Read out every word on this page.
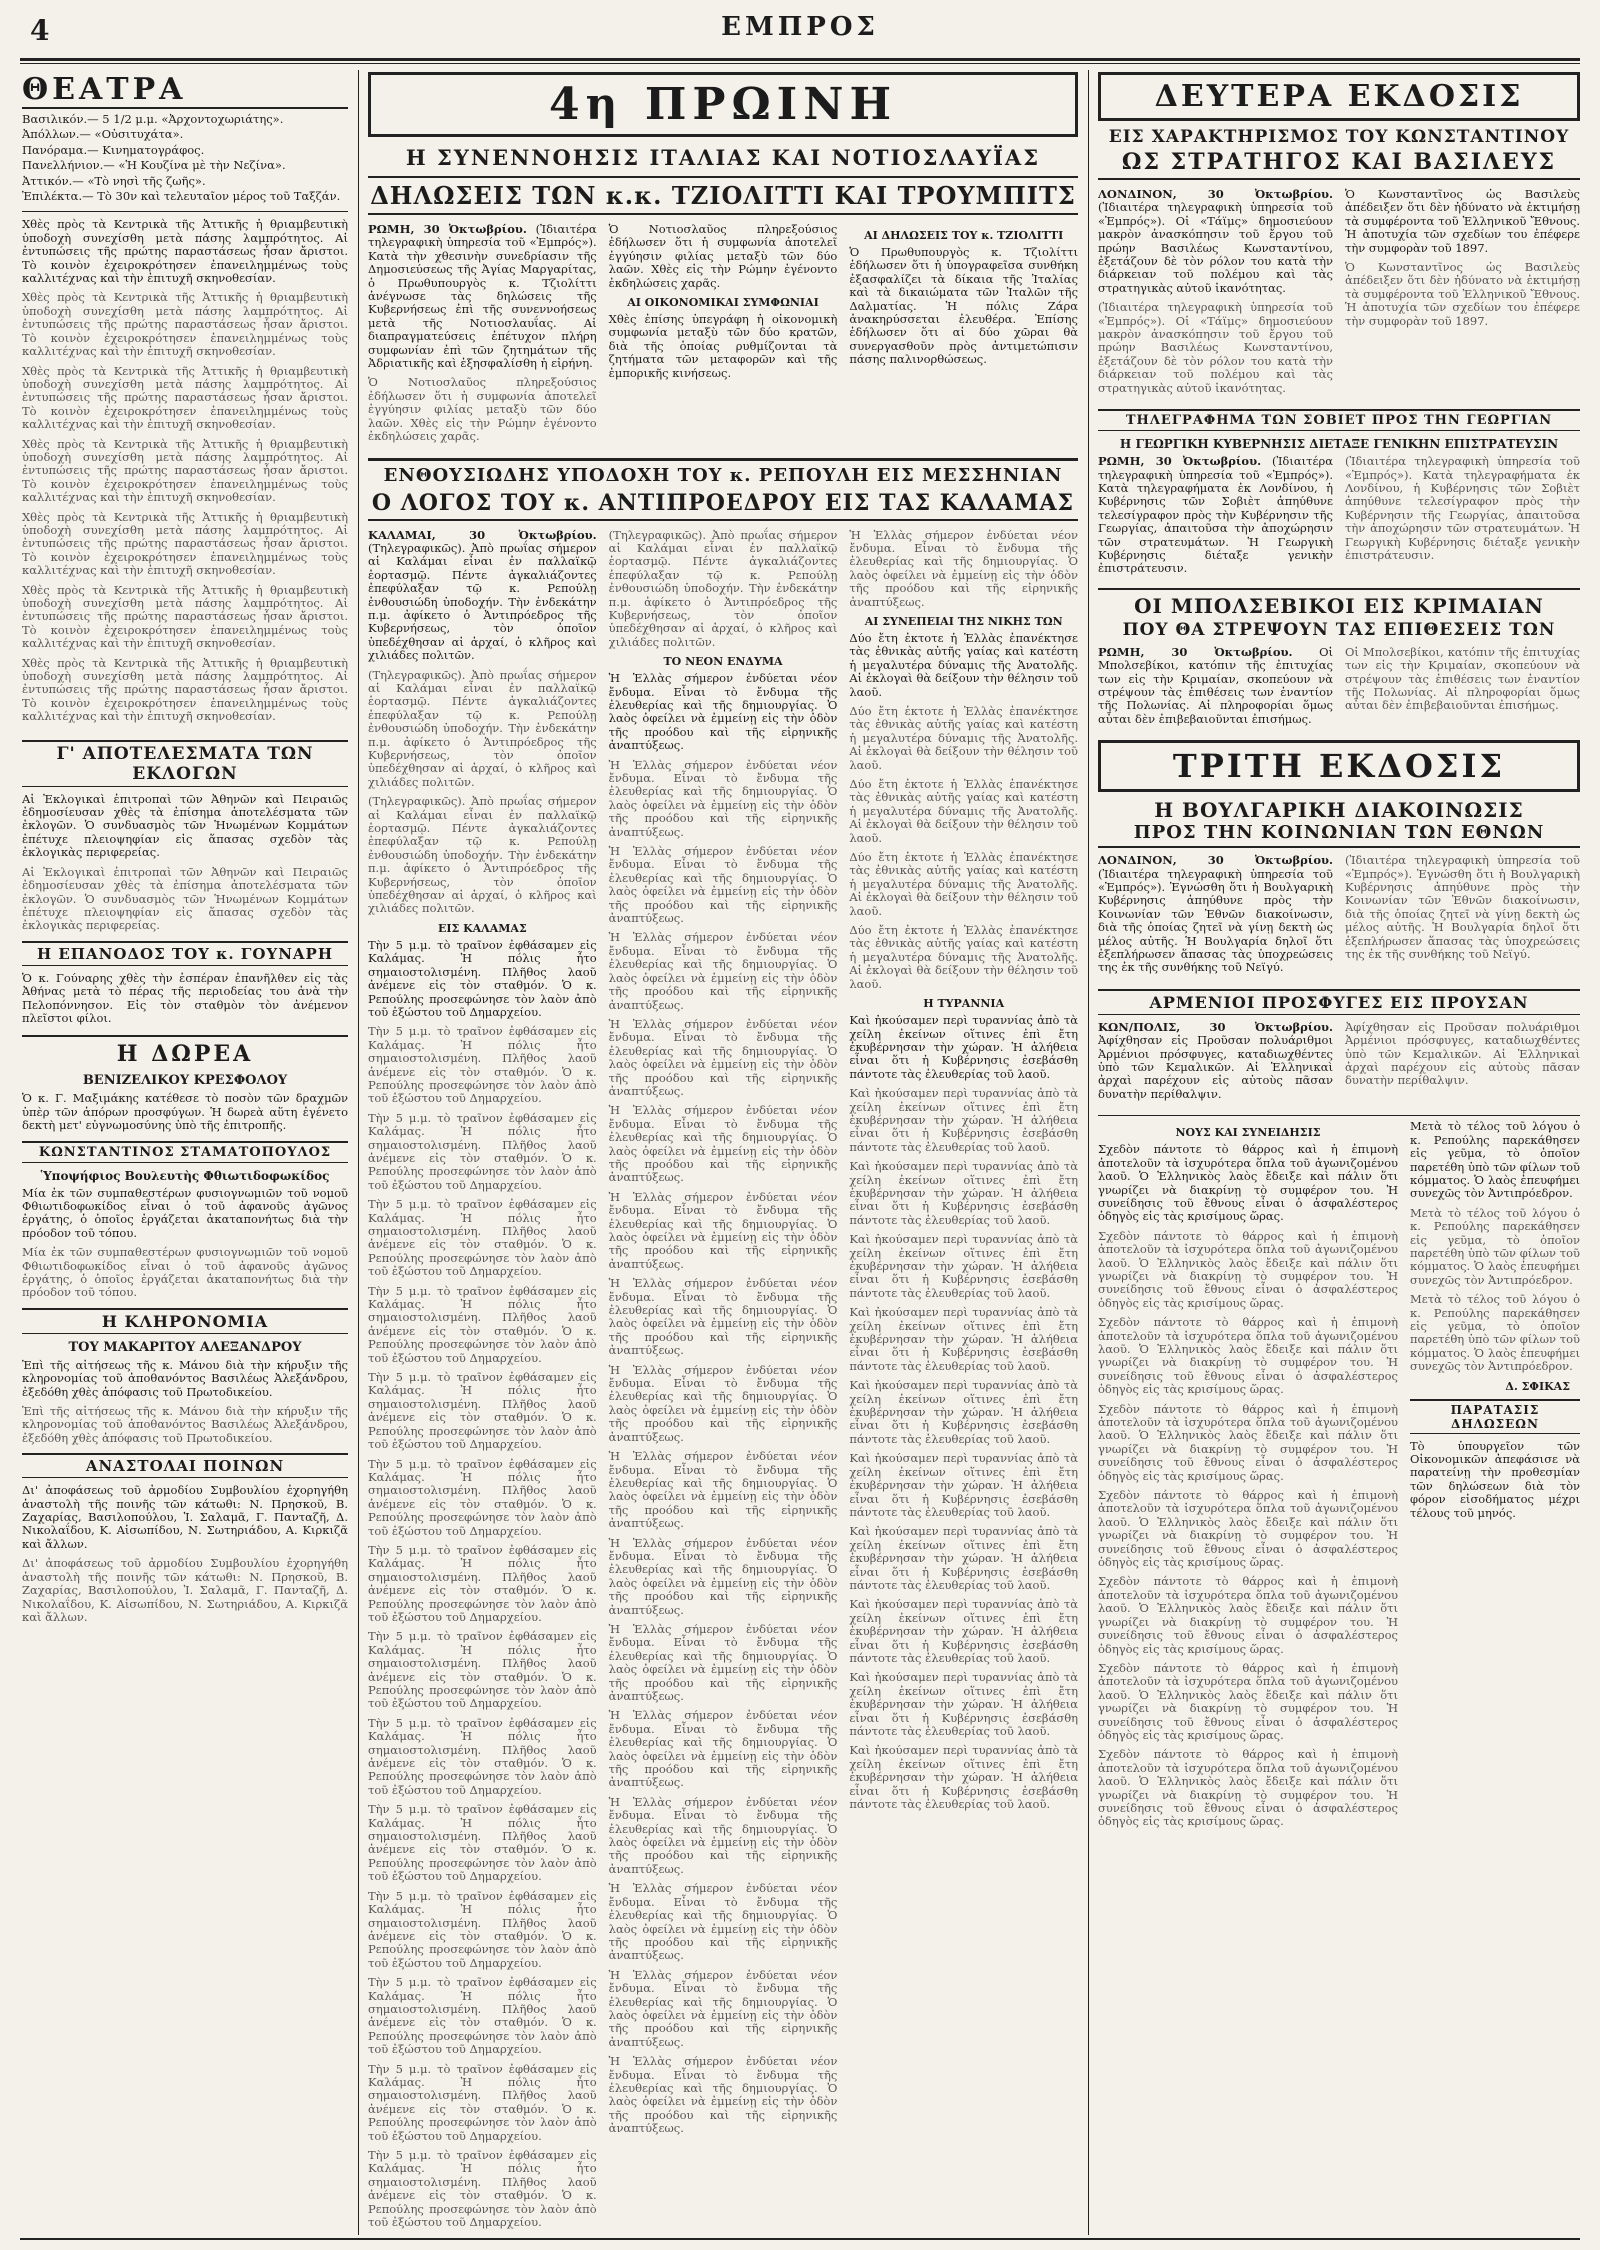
4	ΕΜΠΡΟΣ
ΘΕΑΤΡΑ

Βασιλικόν.— 5 1/2 μ.μ. «Ἀρχοντοχωριάτης».

Ἀπόλλων.— «Οὐσιτυχάτα».

Πανόραμα.— Κινηματογράφος.

Πανελλήνιον.— «Ἡ Κουζίνα μὲ τὴν Νεζίνα».

Ἀττικόν.— «Τὸ νησὶ τῆς ζωῆς».

Ἐπιλέκτα.— Τὸ 30ν καὶ τελευταῖον μέρος τοῦ Ταξζάν.

Χθὲς πρὸς τὰ Κεντρικὰ τῆς Ἀττικῆς ἡ θριαμβευτικὴ ὑποδοχὴ συνεχίσθη μετὰ πάσης λαμπρότητος. Αἱ ἐντυπώσεις τῆς πρώτης παραστάσεως ἦσαν ἄριστοι. Τὸ κοινὸν ἐχειροκρότησεν ἐπανειλημμένως τοὺς καλλιτέχνας καὶ τὴν ἐπιτυχῆ σκηνοθεσίαν.

Χθὲς πρὸς τὰ Κεντρικὰ τῆς Ἀττικῆς ἡ θριαμβευτικὴ ὑποδοχὴ συνεχίσθη μετὰ πάσης λαμπρότητος. Αἱ ἐντυπώσεις τῆς πρώτης παραστάσεως ἦσαν ἄριστοι. Τὸ κοινὸν ἐχειροκρότησεν ἐπανειλημμένως τοὺς καλλιτέχνας καὶ τὴν ἐπιτυχῆ σκηνοθεσίαν.

Χθὲς πρὸς τὰ Κεντρικὰ τῆς Ἀττικῆς ἡ θριαμβευτικὴ ὑποδοχὴ συνεχίσθη μετὰ πάσης λαμπρότητος. Αἱ ἐντυπώσεις τῆς πρώτης παραστάσεως ἦσαν ἄριστοι. Τὸ κοινὸν ἐχειροκρότησεν ἐπανειλημμένως τοὺς καλλιτέχνας καὶ τὴν ἐπιτυχῆ σκηνοθεσίαν.

Χθὲς πρὸς τὰ Κεντρικὰ τῆς Ἀττικῆς ἡ θριαμβευτικὴ ὑποδοχὴ συνεχίσθη μετὰ πάσης λαμπρότητος. Αἱ ἐντυπώσεις τῆς πρώτης παραστάσεως ἦσαν ἄριστοι. Τὸ κοινὸν ἐχειροκρότησεν ἐπανειλημμένως τοὺς καλλιτέχνας καὶ τὴν ἐπιτυχῆ σκηνοθεσίαν.

Χθὲς πρὸς τὰ Κεντρικὰ τῆς Ἀττικῆς ἡ θριαμβευτικὴ ὑποδοχὴ συνεχίσθη μετὰ πάσης λαμπρότητος. Αἱ ἐντυπώσεις τῆς πρώτης παραστάσεως ἦσαν ἄριστοι. Τὸ κοινὸν ἐχειροκρότησεν ἐπανειλημμένως τοὺς καλλιτέχνας καὶ τὴν ἐπιτυχῆ σκηνοθεσίαν.

Χθὲς πρὸς τὰ Κεντρικὰ τῆς Ἀττικῆς ἡ θριαμβευτικὴ ὑποδοχὴ συνεχίσθη μετὰ πάσης λαμπρότητος. Αἱ ἐντυπώσεις τῆς πρώτης παραστάσεως ἦσαν ἄριστοι. Τὸ κοινὸν ἐχειροκρότησεν ἐπανειλημμένως τοὺς καλλιτέχνας καὶ τὴν ἐπιτυχῆ σκηνοθεσίαν.

Χθὲς πρὸς τὰ Κεντρικὰ τῆς Ἀττικῆς ἡ θριαμβευτικὴ ὑποδοχὴ συνεχίσθη μετὰ πάσης λαμπρότητος. Αἱ ἐντυπώσεις τῆς πρώτης παραστάσεως ἦσαν ἄριστοι. Τὸ κοινὸν ἐχειροκρότησεν ἐπανειλημμένως τοὺς καλλιτέχνας καὶ τὴν ἐπιτυχῆ σκηνοθεσίαν.

Γ' ΑΠΟΤΕΛΕΣΜΑΤΑ ΤΩΝ ΕΚΛΟΓΩΝ

Αἱ Ἐκλογικαὶ ἐπιτροπαὶ τῶν Ἀθηνῶν καὶ Πειραιῶς ἐδημοσίευσαν χθὲς τὰ ἐπίσημα ἀποτελέσματα τῶν ἐκλογῶν. Ὁ συνδυασμὸς τῶν Ἡνωμένων Κομμάτων ἐπέτυχε πλειοψηφίαν εἰς ἅπασας σχεδὸν τὰς ἐκλογικὰς περιφερείας.

Αἱ Ἐκλογικαὶ ἐπιτροπαὶ τῶν Ἀθηνῶν καὶ Πειραιῶς ἐδημοσίευσαν χθὲς τὰ ἐπίσημα ἀποτελέσματα τῶν ἐκλογῶν. Ὁ συνδυασμὸς τῶν Ἡνωμένων Κομμάτων ἐπέτυχε πλειοψηφίαν εἰς ἅπασας σχεδὸν τὰς ἐκλογικὰς περιφερείας.

Η ΕΠΑΝΟΔΟΣ ΤΟΥ κ. ΓΟΥΝΑΡΗ

Ὁ κ. Γούναρης χθὲς τὴν ἑσπέραν ἐπανῆλθεν εἰς τὰς Ἀθήνας μετὰ τὸ πέρας τῆς περιοδείας του ἀνὰ τὴν Πελοπόννησον. Εἰς τὸν σταθμὸν τὸν ἀνέμενον πλεῖστοι φίλοι.

Η ΔΩΡΕΑ
ΒΕΝΙΖΕΛΙΚΟΥ ΚΡΕΣΦΟΛΟΥ

Ὁ κ. Γ. Μαξιμάκης κατέθεσε τὸ ποσὸν τῶν δραχμῶν ὑπὲρ τῶν ἀπόρων προσφύγων. Ἡ δωρεὰ αὕτη ἐγένετο δεκτὴ μετ' εὐγνωμοσύνης ὑπὸ τῆς ἐπιτροπῆς.

ΚΩΝΣΤΑΝΤΙΝΟΣ ΣΤΑΜΑΤΟΠΟΥΛΟΣ
Ὑποψήφιος Βουλευτὴς Φθιωτιδοφωκίδος

Μία ἐκ τῶν συμπαθεστέρων φυσιογνωμιῶν τοῦ νομοῦ Φθιωτιδοφωκίδος εἶναι ὁ τοῦ ἀφανοῦς ἀγῶνος ἐργάτης, ὁ ὁποῖος ἐργάζεται ἀκαταπονήτως διὰ τὴν πρόοδον τοῦ τόπου.

Μία ἐκ τῶν συμπαθεστέρων φυσιογνωμιῶν τοῦ νομοῦ Φθιωτιδοφωκίδος εἶναι ὁ τοῦ ἀφανοῦς ἀγῶνος ἐργάτης, ὁ ὁποῖος ἐργάζεται ἀκαταπονήτως διὰ τὴν πρόοδον τοῦ τόπου.

Η ΚΛΗΡΟΝΟΜΙΑ
ΤΟΥ ΜΑΚΑΡΙΤΟΥ ΑΛΕΞΑΝΔΡΟΥ

Ἐπὶ τῆς αἰτήσεως τῆς κ. Μάνου διὰ τὴν κήρυξιν τῆς κληρονομίας τοῦ ἀποθανόντος Βασιλέως Ἀλεξάνδρου, ἐξεδόθη χθὲς ἀπόφασις τοῦ Πρωτοδικείου.

Ἐπὶ τῆς αἰτήσεως τῆς κ. Μάνου διὰ τὴν κήρυξιν τῆς κληρονομίας τοῦ ἀποθανόντος Βασιλέως Ἀλεξάνδρου, ἐξεδόθη χθὲς ἀπόφασις τοῦ Πρωτοδικείου.

ΑΝΑΣΤΟΛΑΙ ΠΟΙΝΩΝ

Δι' ἀποφάσεως τοῦ ἀρμοδίου Συμβουλίου ἐχορηγήθη ἀναστολὴ τῆς ποινῆς τῶν κάτωθι: Ν. Πρησκοῦ, Β. Ζαχαρίας, Βασιλοπούλου, Ἰ. Σαλαμᾶ, Γ. Πανταζῆ, Δ. Νικολαΐδου, Κ. Αἰσωπίδου, Ν. Σωτηριάδου, Α. Κιρκιζᾶ καὶ ἄλλων.

Δι' ἀποφάσεως τοῦ ἀρμοδίου Συμβουλίου ἐχορηγήθη ἀναστολὴ τῆς ποινῆς τῶν κάτωθι: Ν. Πρησκοῦ, Β. Ζαχαρίας, Βασιλοπούλου, Ἰ. Σαλαμᾶ, Γ. Πανταζῆ, Δ. Νικολαΐδου, Κ. Αἰσωπίδου, Ν. Σωτηριάδου, Α. Κιρκιζᾶ καὶ ἄλλων.

4η ΠΡΩΙΝΗ
Η ΣΥΝΕΝΝΟΗΣΙΣ ΙΤΑΛΙΑΣ ΚΑΙ ΝΟΤΙΟΣΛΑΥΪΑΣ
ΔΗΛΩΣΕΙΣ ΤΩΝ κ.κ. ΤΖΙΟΛΙΤΤΙ ΚΑΙ ΤΡΟΥΜΠΙΤΣ

ΡΩΜΗ, 30 Ὀκτωβρίου. (Ἰδιαιτέρα τηλεγραφικὴ ὑπηρεσία τοῦ «Ἐμπρός»). Κατὰ τὴν χθεσινὴν συνεδρίασιν τῆς Δημοσιεύσεως τῆς Ἀγίας Μαργαρίτας, ὁ Πρωθυπουργὸς κ. Τζιολίττι ἀνέγνωσε τὰς δηλώσεις τῆς Κυβερνήσεως ἐπὶ τῆς συνεννοήσεως μετὰ τῆς Νοτιοσλαυΐας. Αἱ διαπραγματεύσεις ἐπέτυχον πλήρη συμφωνίαν ἐπὶ τῶν ζητημάτων τῆς Ἀδριατικῆς καὶ ἐξησφαλίσθη ἡ εἰρήνη.

Ὁ Νοτιοσλαῦος πληρεξούσιος ἐδήλωσεν ὅτι ἡ συμφωνία ἀποτελεῖ ἐγγύησιν φιλίας μεταξὺ τῶν δύο λαῶν. Χθὲς εἰς τὴν Ρώμην ἐγένοντο ἐκδηλώσεις χαρᾶς.

Ὁ Νοτιοσλαῦος πληρεξούσιος ἐδήλωσεν ὅτι ἡ συμφωνία ἀποτελεῖ ἐγγύησιν φιλίας μεταξὺ τῶν δύο λαῶν. Χθὲς εἰς τὴν Ρώμην ἐγένοντο ἐκδηλώσεις χαρᾶς.

ΑΙ ΟΙΚΟΝΟΜΙΚΑΙ ΣΥΜΦΩΝΙΑΙ

Χθὲς ἐπίσης ὑπεγράφη ἡ οἰκονομικὴ συμφωνία μεταξὺ τῶν δύο κρατῶν, διὰ τῆς ὁποίας ρυθμίζονται τὰ ζητήματα τῶν μεταφορῶν καὶ τῆς ἐμπορικῆς κινήσεως.

ΑΙ ΔΗΛΩΣΕΙΣ ΤΟΥ κ. ΤΖΙΟΛΙΤΤΙ

Ὁ Πρωθυπουργὸς κ. Τζιολίττι ἐδήλωσεν ὅτι ἡ ὑπογραφεῖσα συνθήκη ἐξασφαλίζει τὰ δίκαια τῆς Ἰταλίας καὶ τὰ δικαιώματα τῶν Ἰταλῶν τῆς Δαλματίας. Ἡ πόλις Ζάρα ἀνακηρύσσεται ἐλευθέρα. Ἐπίσης ἐδήλωσεν ὅτι αἱ δύο χῶραι θὰ συνεργασθοῦν πρὸς ἀντιμετώπισιν πάσης παλινορθώσεως.

ΕΝΘΟΥΣΙΩΔΗΣ ΥΠΟΔΟΧΗ ΤΟΥ κ. ΡΕΠΟΥΛΗ ΕΙΣ ΜΕΣΣΗΝΙΑΝ
Ο ΛΟΓΟΣ ΤΟΥ κ. ΑΝΤΙΠΡΟΕΔΡΟΥ ΕΙΣ ΤΑΣ ΚΑΛΑΜΑΣ

ΚΑΛΑΜΑΙ, 30 Ὀκτωβρίου. (Τηλεγραφικῶς). Ἀπὸ πρωΐας σήμερον αἱ Καλάμαι εἶναι ἐν παλλαϊκῷ ἑορτασμῷ. Πέντε ἀγκαλιάζοντες ἐπεφύλαξαν τῷ κ. Ρεπούλῃ ἐνθουσιώδη ὑποδοχήν. Τὴν ἑνδεκάτην π.μ. ἀφίκετο ὁ Ἀντιπρόεδρος τῆς Κυβερνήσεως, τὸν ὁποῖον ὑπεδέχθησαν αἱ ἀρχαί, ὁ κλῆρος καὶ χιλιάδες πολιτῶν.

(Τηλεγραφικῶς). Ἀπὸ πρωΐας σήμερον αἱ Καλάμαι εἶναι ἐν παλλαϊκῷ ἑορτασμῷ. Πέντε ἀγκαλιάζοντες ἐπεφύλαξαν τῷ κ. Ρεπούλῃ ἐνθουσιώδη ὑποδοχήν. Τὴν ἑνδεκάτην π.μ. ἀφίκετο ὁ Ἀντιπρόεδρος τῆς Κυβερνήσεως, τὸν ὁποῖον ὑπεδέχθησαν αἱ ἀρχαί, ὁ κλῆρος καὶ χιλιάδες πολιτῶν.

(Τηλεγραφικῶς). Ἀπὸ πρωΐας σήμερον αἱ Καλάμαι εἶναι ἐν παλλαϊκῷ ἑορτασμῷ. Πέντε ἀγκαλιάζοντες ἐπεφύλαξαν τῷ κ. Ρεπούλῃ ἐνθουσιώδη ὑποδοχήν. Τὴν ἑνδεκάτην π.μ. ἀφίκετο ὁ Ἀντιπρόεδρος τῆς Κυβερνήσεως, τὸν ὁποῖον ὑπεδέχθησαν αἱ ἀρχαί, ὁ κλῆρος καὶ χιλιάδες πολιτῶν.

ΕΙΣ ΚΑΛΑΜΑΣ

Τὴν 5 μ.μ. τὸ τραῖνον ἐφθάσαμεν εἰς Καλάμας. Ἡ πόλις ἦτο σημαιοστολισμένη. Πλῆθος λαοῦ ἀνέμενε εἰς τὸν σταθμόν. Ὁ κ. Ρεπούλης προσεφώνησε τὸν λαὸν ἀπὸ τοῦ ἐξώστου τοῦ Δημαρχείου.

Τὴν 5 μ.μ. τὸ τραῖνον ἐφθάσαμεν εἰς Καλάμας. Ἡ πόλις ἦτο σημαιοστολισμένη. Πλῆθος λαοῦ ἀνέμενε εἰς τὸν σταθμόν. Ὁ κ. Ρεπούλης προσεφώνησε τὸν λαὸν ἀπὸ τοῦ ἐξώστου τοῦ Δημαρχείου.

Τὴν 5 μ.μ. τὸ τραῖνον ἐφθάσαμεν εἰς Καλάμας. Ἡ πόλις ἦτο σημαιοστολισμένη. Πλῆθος λαοῦ ἀνέμενε εἰς τὸν σταθμόν. Ὁ κ. Ρεπούλης προσεφώνησε τὸν λαὸν ἀπὸ τοῦ ἐξώστου τοῦ Δημαρχείου.

Τὴν 5 μ.μ. τὸ τραῖνον ἐφθάσαμεν εἰς Καλάμας. Ἡ πόλις ἦτο σημαιοστολισμένη. Πλῆθος λαοῦ ἀνέμενε εἰς τὸν σταθμόν. Ὁ κ. Ρεπούλης προσεφώνησε τὸν λαὸν ἀπὸ τοῦ ἐξώστου τοῦ Δημαρχείου.

Τὴν 5 μ.μ. τὸ τραῖνον ἐφθάσαμεν εἰς Καλάμας. Ἡ πόλις ἦτο σημαιοστολισμένη. Πλῆθος λαοῦ ἀνέμενε εἰς τὸν σταθμόν. Ὁ κ. Ρεπούλης προσεφώνησε τὸν λαὸν ἀπὸ τοῦ ἐξώστου τοῦ Δημαρχείου.

Τὴν 5 μ.μ. τὸ τραῖνον ἐφθάσαμεν εἰς Καλάμας. Ἡ πόλις ἦτο σημαιοστολισμένη. Πλῆθος λαοῦ ἀνέμενε εἰς τὸν σταθμόν. Ὁ κ. Ρεπούλης προσεφώνησε τὸν λαὸν ἀπὸ τοῦ ἐξώστου τοῦ Δημαρχείου.

Τὴν 5 μ.μ. τὸ τραῖνον ἐφθάσαμεν εἰς Καλάμας. Ἡ πόλις ἦτο σημαιοστολισμένη. Πλῆθος λαοῦ ἀνέμενε εἰς τὸν σταθμόν. Ὁ κ. Ρεπούλης προσεφώνησε τὸν λαὸν ἀπὸ τοῦ ἐξώστου τοῦ Δημαρχείου.

Τὴν 5 μ.μ. τὸ τραῖνον ἐφθάσαμεν εἰς Καλάμας. Ἡ πόλις ἦτο σημαιοστολισμένη. Πλῆθος λαοῦ ἀνέμενε εἰς τὸν σταθμόν. Ὁ κ. Ρεπούλης προσεφώνησε τὸν λαὸν ἀπὸ τοῦ ἐξώστου τοῦ Δημαρχείου.

Τὴν 5 μ.μ. τὸ τραῖνον ἐφθάσαμεν εἰς Καλάμας. Ἡ πόλις ἦτο σημαιοστολισμένη. Πλῆθος λαοῦ ἀνέμενε εἰς τὸν σταθμόν. Ὁ κ. Ρεπούλης προσεφώνησε τὸν λαὸν ἀπὸ τοῦ ἐξώστου τοῦ Δημαρχείου.

Τὴν 5 μ.μ. τὸ τραῖνον ἐφθάσαμεν εἰς Καλάμας. Ἡ πόλις ἦτο σημαιοστολισμένη. Πλῆθος λαοῦ ἀνέμενε εἰς τὸν σταθμόν. Ὁ κ. Ρεπούλης προσεφώνησε τὸν λαὸν ἀπὸ τοῦ ἐξώστου τοῦ Δημαρχείου.

Τὴν 5 μ.μ. τὸ τραῖνον ἐφθάσαμεν εἰς Καλάμας. Ἡ πόλις ἦτο σημαιοστολισμένη. Πλῆθος λαοῦ ἀνέμενε εἰς τὸν σταθμόν. Ὁ κ. Ρεπούλης προσεφώνησε τὸν λαὸν ἀπὸ τοῦ ἐξώστου τοῦ Δημαρχείου.

Τὴν 5 μ.μ. τὸ τραῖνον ἐφθάσαμεν εἰς Καλάμας. Ἡ πόλις ἦτο σημαιοστολισμένη. Πλῆθος λαοῦ ἀνέμενε εἰς τὸν σταθμόν. Ὁ κ. Ρεπούλης προσεφώνησε τὸν λαὸν ἀπὸ τοῦ ἐξώστου τοῦ Δημαρχείου.

Τὴν 5 μ.μ. τὸ τραῖνον ἐφθάσαμεν εἰς Καλάμας. Ἡ πόλις ἦτο σημαιοστολισμένη. Πλῆθος λαοῦ ἀνέμενε εἰς τὸν σταθμόν. Ὁ κ. Ρεπούλης προσεφώνησε τὸν λαὸν ἀπὸ τοῦ ἐξώστου τοῦ Δημαρχείου.

Τὴν 5 μ.μ. τὸ τραῖνον ἐφθάσαμεν εἰς Καλάμας. Ἡ πόλις ἦτο σημαιοστολισμένη. Πλῆθος λαοῦ ἀνέμενε εἰς τὸν σταθμόν. Ὁ κ. Ρεπούλης προσεφώνησε τὸν λαὸν ἀπὸ τοῦ ἐξώστου τοῦ Δημαρχείου.

Τὴν 5 μ.μ. τὸ τραῖνον ἐφθάσαμεν εἰς Καλάμας. Ἡ πόλις ἦτο σημαιοστολισμένη. Πλῆθος λαοῦ ἀνέμενε εἰς τὸν σταθμόν. Ὁ κ. Ρεπούλης προσεφώνησε τὸν λαὸν ἀπὸ τοῦ ἐξώστου τοῦ Δημαρχείου.

(Τηλεγραφικῶς). Ἀπὸ πρωΐας σήμερον αἱ Καλάμαι εἶναι ἐν παλλαϊκῷ ἑορτασμῷ. Πέντε ἀγκαλιάζοντες ἐπεφύλαξαν τῷ κ. Ρεπούλῃ ἐνθουσιώδη ὑποδοχήν. Τὴν ἑνδεκάτην π.μ. ἀφίκετο ὁ Ἀντιπρόεδρος τῆς Κυβερνήσεως, τὸν ὁποῖον ὑπεδέχθησαν αἱ ἀρχαί, ὁ κλῆρος καὶ χιλιάδες πολιτῶν.

ΤΟ ΝΕΟΝ ΕΝΔΥΜΑ

Ἡ Ἑλλὰς σήμερον ἐνδύεται νέον ἔνδυμα. Εἶναι τὸ ἔνδυμα τῆς ἐλευθερίας καὶ τῆς δημιουργίας. Ὁ λαὸς ὀφείλει νὰ ἐμμείνῃ εἰς τὴν ὁδὸν τῆς προόδου καὶ τῆς εἰρηνικῆς ἀναπτύξεως.

Ἡ Ἑλλὰς σήμερον ἐνδύεται νέον ἔνδυμα. Εἶναι τὸ ἔνδυμα τῆς ἐλευθερίας καὶ τῆς δημιουργίας. Ὁ λαὸς ὀφείλει νὰ ἐμμείνῃ εἰς τὴν ὁδὸν τῆς προόδου καὶ τῆς εἰρηνικῆς ἀναπτύξεως.

Ἡ Ἑλλὰς σήμερον ἐνδύεται νέον ἔνδυμα. Εἶναι τὸ ἔνδυμα τῆς ἐλευθερίας καὶ τῆς δημιουργίας. Ὁ λαὸς ὀφείλει νὰ ἐμμείνῃ εἰς τὴν ὁδὸν τῆς προόδου καὶ τῆς εἰρηνικῆς ἀναπτύξεως.

Ἡ Ἑλλὰς σήμερον ἐνδύεται νέον ἔνδυμα. Εἶναι τὸ ἔνδυμα τῆς ἐλευθερίας καὶ τῆς δημιουργίας. Ὁ λαὸς ὀφείλει νὰ ἐμμείνῃ εἰς τὴν ὁδὸν τῆς προόδου καὶ τῆς εἰρηνικῆς ἀναπτύξεως.

Ἡ Ἑλλὰς σήμερον ἐνδύεται νέον ἔνδυμα. Εἶναι τὸ ἔνδυμα τῆς ἐλευθερίας καὶ τῆς δημιουργίας. Ὁ λαὸς ὀφείλει νὰ ἐμμείνῃ εἰς τὴν ὁδὸν τῆς προόδου καὶ τῆς εἰρηνικῆς ἀναπτύξεως.

Ἡ Ἑλλὰς σήμερον ἐνδύεται νέον ἔνδυμα. Εἶναι τὸ ἔνδυμα τῆς ἐλευθερίας καὶ τῆς δημιουργίας. Ὁ λαὸς ὀφείλει νὰ ἐμμείνῃ εἰς τὴν ὁδὸν τῆς προόδου καὶ τῆς εἰρηνικῆς ἀναπτύξεως.

Ἡ Ἑλλὰς σήμερον ἐνδύεται νέον ἔνδυμα. Εἶναι τὸ ἔνδυμα τῆς ἐλευθερίας καὶ τῆς δημιουργίας. Ὁ λαὸς ὀφείλει νὰ ἐμμείνῃ εἰς τὴν ὁδὸν τῆς προόδου καὶ τῆς εἰρηνικῆς ἀναπτύξεως.

Ἡ Ἑλλὰς σήμερον ἐνδύεται νέον ἔνδυμα. Εἶναι τὸ ἔνδυμα τῆς ἐλευθερίας καὶ τῆς δημιουργίας. Ὁ λαὸς ὀφείλει νὰ ἐμμείνῃ εἰς τὴν ὁδὸν τῆς προόδου καὶ τῆς εἰρηνικῆς ἀναπτύξεως.

Ἡ Ἑλλὰς σήμερον ἐνδύεται νέον ἔνδυμα. Εἶναι τὸ ἔνδυμα τῆς ἐλευθερίας καὶ τῆς δημιουργίας. Ὁ λαὸς ὀφείλει νὰ ἐμμείνῃ εἰς τὴν ὁδὸν τῆς προόδου καὶ τῆς εἰρηνικῆς ἀναπτύξεως.

Ἡ Ἑλλὰς σήμερον ἐνδύεται νέον ἔνδυμα. Εἶναι τὸ ἔνδυμα τῆς ἐλευθερίας καὶ τῆς δημιουργίας. Ὁ λαὸς ὀφείλει νὰ ἐμμείνῃ εἰς τὴν ὁδὸν τῆς προόδου καὶ τῆς εἰρηνικῆς ἀναπτύξεως.

Ἡ Ἑλλὰς σήμερον ἐνδύεται νέον ἔνδυμα. Εἶναι τὸ ἔνδυμα τῆς ἐλευθερίας καὶ τῆς δημιουργίας. Ὁ λαὸς ὀφείλει νὰ ἐμμείνῃ εἰς τὴν ὁδὸν τῆς προόδου καὶ τῆς εἰρηνικῆς ἀναπτύξεως.

Ἡ Ἑλλὰς σήμερον ἐνδύεται νέον ἔνδυμα. Εἶναι τὸ ἔνδυμα τῆς ἐλευθερίας καὶ τῆς δημιουργίας. Ὁ λαὸς ὀφείλει νὰ ἐμμείνῃ εἰς τὴν ὁδὸν τῆς προόδου καὶ τῆς εἰρηνικῆς ἀναπτύξεως.

Ἡ Ἑλλὰς σήμερον ἐνδύεται νέον ἔνδυμα. Εἶναι τὸ ἔνδυμα τῆς ἐλευθερίας καὶ τῆς δημιουργίας. Ὁ λαὸς ὀφείλει νὰ ἐμμείνῃ εἰς τὴν ὁδὸν τῆς προόδου καὶ τῆς εἰρηνικῆς ἀναπτύξεως.

Ἡ Ἑλλὰς σήμερον ἐνδύεται νέον ἔνδυμα. Εἶναι τὸ ἔνδυμα τῆς ἐλευθερίας καὶ τῆς δημιουργίας. Ὁ λαὸς ὀφείλει νὰ ἐμμείνῃ εἰς τὴν ὁδὸν τῆς προόδου καὶ τῆς εἰρηνικῆς ἀναπτύξεως.

Ἡ Ἑλλὰς σήμερον ἐνδύεται νέον ἔνδυμα. Εἶναι τὸ ἔνδυμα τῆς ἐλευθερίας καὶ τῆς δημιουργίας. Ὁ λαὸς ὀφείλει νὰ ἐμμείνῃ εἰς τὴν ὁδὸν τῆς προόδου καὶ τῆς εἰρηνικῆς ἀναπτύξεως.

Ἡ Ἑλλὰς σήμερον ἐνδύεται νέον ἔνδυμα. Εἶναι τὸ ἔνδυμα τῆς ἐλευθερίας καὶ τῆς δημιουργίας. Ὁ λαὸς ὀφείλει νὰ ἐμμείνῃ εἰς τὴν ὁδὸν τῆς προόδου καὶ τῆς εἰρηνικῆς ἀναπτύξεως.

Ἡ Ἑλλὰς σήμερον ἐνδύεται νέον ἔνδυμα. Εἶναι τὸ ἔνδυμα τῆς ἐλευθερίας καὶ τῆς δημιουργίας. Ὁ λαὸς ὀφείλει νὰ ἐμμείνῃ εἰς τὴν ὁδὸν τῆς προόδου καὶ τῆς εἰρηνικῆς ἀναπτύξεως.

Ἡ Ἑλλὰς σήμερον ἐνδύεται νέον ἔνδυμα. Εἶναι τὸ ἔνδυμα τῆς ἐλευθερίας καὶ τῆς δημιουργίας. Ὁ λαὸς ὀφείλει νὰ ἐμμείνῃ εἰς τὴν ὁδὸν τῆς προόδου καὶ τῆς εἰρηνικῆς ἀναπτύξεως.

ΑΙ ΣΥΝΕΠΕΙΑΙ ΤΗΣ ΝΙΚΗΣ ΤΩΝ

Δύο ἔτη ἐκτοτε ἡ Ἑλλὰς ἐπανέκτησε τὰς ἐθνικὰς αὐτῆς γαίας καὶ κατέστη ἡ μεγαλυτέρα δύναμις τῆς Ἀνατολῆς. Αἱ ἐκλογαὶ θὰ δείξουν τὴν θέλησιν τοῦ λαοῦ.

Δύο ἔτη ἐκτοτε ἡ Ἑλλὰς ἐπανέκτησε τὰς ἐθνικὰς αὐτῆς γαίας καὶ κατέστη ἡ μεγαλυτέρα δύναμις τῆς Ἀνατολῆς. Αἱ ἐκλογαὶ θὰ δείξουν τὴν θέλησιν τοῦ λαοῦ.

Δύο ἔτη ἐκτοτε ἡ Ἑλλὰς ἐπανέκτησε τὰς ἐθνικὰς αὐτῆς γαίας καὶ κατέστη ἡ μεγαλυτέρα δύναμις τῆς Ἀνατολῆς. Αἱ ἐκλογαὶ θὰ δείξουν τὴν θέλησιν τοῦ λαοῦ.

Δύο ἔτη ἐκτοτε ἡ Ἑλλὰς ἐπανέκτησε τὰς ἐθνικὰς αὐτῆς γαίας καὶ κατέστη ἡ μεγαλυτέρα δύναμις τῆς Ἀνατολῆς. Αἱ ἐκλογαὶ θὰ δείξουν τὴν θέλησιν τοῦ λαοῦ.

Δύο ἔτη ἐκτοτε ἡ Ἑλλὰς ἐπανέκτησε τὰς ἐθνικὰς αὐτῆς γαίας καὶ κατέστη ἡ μεγαλυτέρα δύναμις τῆς Ἀνατολῆς. Αἱ ἐκλογαὶ θὰ δείξουν τὴν θέλησιν τοῦ λαοῦ.

Η ΤΥΡΑΝΝΙΑ

Καὶ ἠκούσαμεν περὶ τυραννίας ἀπὸ τὰ χείλη ἐκείνων οἵτινες ἐπὶ ἔτη ἐκυβέρνησαν τὴν χώραν. Ἡ ἀλήθεια εἶναι ὅτι ἡ Κυβέρνησις ἐσεβάσθη πάντοτε τὰς ἐλευθερίας τοῦ λαοῦ.

Καὶ ἠκούσαμεν περὶ τυραννίας ἀπὸ τὰ χείλη ἐκείνων οἵτινες ἐπὶ ἔτη ἐκυβέρνησαν τὴν χώραν. Ἡ ἀλήθεια εἶναι ὅτι ἡ Κυβέρνησις ἐσεβάσθη πάντοτε τὰς ἐλευθερίας τοῦ λαοῦ.

Καὶ ἠκούσαμεν περὶ τυραννίας ἀπὸ τὰ χείλη ἐκείνων οἵτινες ἐπὶ ἔτη ἐκυβέρνησαν τὴν χώραν. Ἡ ἀλήθεια εἶναι ὅτι ἡ Κυβέρνησις ἐσεβάσθη πάντοτε τὰς ἐλευθερίας τοῦ λαοῦ.

Καὶ ἠκούσαμεν περὶ τυραννίας ἀπὸ τὰ χείλη ἐκείνων οἵτινες ἐπὶ ἔτη ἐκυβέρνησαν τὴν χώραν. Ἡ ἀλήθεια εἶναι ὅτι ἡ Κυβέρνησις ἐσεβάσθη πάντοτε τὰς ἐλευθερίας τοῦ λαοῦ.

Καὶ ἠκούσαμεν περὶ τυραννίας ἀπὸ τὰ χείλη ἐκείνων οἵτινες ἐπὶ ἔτη ἐκυβέρνησαν τὴν χώραν. Ἡ ἀλήθεια εἶναι ὅτι ἡ Κυβέρνησις ἐσεβάσθη πάντοτε τὰς ἐλευθερίας τοῦ λαοῦ.

Καὶ ἠκούσαμεν περὶ τυραννίας ἀπὸ τὰ χείλη ἐκείνων οἵτινες ἐπὶ ἔτη ἐκυβέρνησαν τὴν χώραν. Ἡ ἀλήθεια εἶναι ὅτι ἡ Κυβέρνησις ἐσεβάσθη πάντοτε τὰς ἐλευθερίας τοῦ λαοῦ.

Καὶ ἠκούσαμεν περὶ τυραννίας ἀπὸ τὰ χείλη ἐκείνων οἵτινες ἐπὶ ἔτη ἐκυβέρνησαν τὴν χώραν. Ἡ ἀλήθεια εἶναι ὅτι ἡ Κυβέρνησις ἐσεβάσθη πάντοτε τὰς ἐλευθερίας τοῦ λαοῦ.

Καὶ ἠκούσαμεν περὶ τυραννίας ἀπὸ τὰ χείλη ἐκείνων οἵτινες ἐπὶ ἔτη ἐκυβέρνησαν τὴν χώραν. Ἡ ἀλήθεια εἶναι ὅτι ἡ Κυβέρνησις ἐσεβάσθη πάντοτε τὰς ἐλευθερίας τοῦ λαοῦ.

Καὶ ἠκούσαμεν περὶ τυραννίας ἀπὸ τὰ χείλη ἐκείνων οἵτινες ἐπὶ ἔτη ἐκυβέρνησαν τὴν χώραν. Ἡ ἀλήθεια εἶναι ὅτι ἡ Κυβέρνησις ἐσεβάσθη πάντοτε τὰς ἐλευθερίας τοῦ λαοῦ.

Καὶ ἠκούσαμεν περὶ τυραννίας ἀπὸ τὰ χείλη ἐκείνων οἵτινες ἐπὶ ἔτη ἐκυβέρνησαν τὴν χώραν. Ἡ ἀλήθεια εἶναι ὅτι ἡ Κυβέρνησις ἐσεβάσθη πάντοτε τὰς ἐλευθερίας τοῦ λαοῦ.

Καὶ ἠκούσαμεν περὶ τυραννίας ἀπὸ τὰ χείλη ἐκείνων οἵτινες ἐπὶ ἔτη ἐκυβέρνησαν τὴν χώραν. Ἡ ἀλήθεια εἶναι ὅτι ἡ Κυβέρνησις ἐσεβάσθη πάντοτε τὰς ἐλευθερίας τοῦ λαοῦ.

ΔΕΥΤΕΡΑ ΕΚΔΟΣΙΣ
ΕΙΣ ΧΑΡΑΚΤΗΡΙΣΜΟΣ ΤΟΥ ΚΩΝΣΤΑΝΤΙΝΟΥ
ΩΣ ΣΤΡΑΤΗΓΟΣ ΚΑΙ ΒΑΣΙΛΕΥΣ

ΛΟΝΔΙΝΟΝ, 30 Ὀκτωβρίου. (Ἰδιαιτέρα τηλεγραφικὴ ὑπηρεσία τοῦ «Ἐμπρός»). Οἱ «Τάϊμς» δημοσιεύουν μακρὸν ἀνασκόπησιν τοῦ ἔργου τοῦ πρώην Βασιλέως Κωνσταντίνου, ἐξετάζουν δὲ τὸν ρόλον του κατὰ τὴν διάρκειαν τοῦ πολέμου καὶ τὰς στρατηγικὰς αὐτοῦ ἱκανότητας.

(Ἰδιαιτέρα τηλεγραφικὴ ὑπηρεσία τοῦ «Ἐμπρός»). Οἱ «Τάϊμς» δημοσιεύουν μακρὸν ἀνασκόπησιν τοῦ ἔργου τοῦ πρώην Βασιλέως Κωνσταντίνου, ἐξετάζουν δὲ τὸν ρόλον του κατὰ τὴν διάρκειαν τοῦ πολέμου καὶ τὰς στρατηγικὰς αὐτοῦ ἱκανότητας.

Ὁ Κωνσταντῖνος ὡς Βασιλεὺς ἀπέδειξεν ὅτι δὲν ἠδύνατο νὰ ἐκτιμήσῃ τὰ συμφέροντα τοῦ Ἑλληνικοῦ Ἔθνους. Ἡ ἀποτυχία τῶν σχεδίων του ἐπέφερε τὴν συμφορὰν τοῦ 1897.

Ὁ Κωνσταντῖνος ὡς Βασιλεὺς ἀπέδειξεν ὅτι δὲν ἠδύνατο νὰ ἐκτιμήσῃ τὰ συμφέροντα τοῦ Ἑλληνικοῦ Ἔθνους. Ἡ ἀποτυχία τῶν σχεδίων του ἐπέφερε τὴν συμφορὰν τοῦ 1897.

ΤΗΛΕΓΡΑΦΗΜΑ ΤΩΝ ΣΟΒΙΕΤ ΠΡΟΣ ΤΗΝ ΓΕΩΡΓΙΑΝ
Η ΓΕΩΡΓΙΚΗ ΚΥΒΕΡΝΗΣΙΣ ΔΙΕΤΑΞΕ ΓΕΝΙΚΗΝ ΕΠΙΣΤΡΑΤΕΥΣΙΝ

ΡΩΜΗ, 30 Ὀκτωβρίου. (Ἰδιαιτέρα τηλεγραφικὴ ὑπηρεσία τοῦ «Ἐμπρός»). Κατὰ τηλεγραφήματα ἐκ Λονδίνου, ἡ Κυβέρνησις τῶν Σοβιὲτ ἀπηύθυνε τελεσίγραφον πρὸς τὴν Κυβέρνησιν τῆς Γεωργίας, ἀπαιτοῦσα τὴν ἀποχώρησιν τῶν στρατευμάτων. Ἡ Γεωργικὴ Κυβέρνησις διέταξε γενικὴν ἐπιστράτευσιν.

(Ἰδιαιτέρα τηλεγραφικὴ ὑπηρεσία τοῦ «Ἐμπρός»). Κατὰ τηλεγραφήματα ἐκ Λονδίνου, ἡ Κυβέρνησις τῶν Σοβιὲτ ἀπηύθυνε τελεσίγραφον πρὸς τὴν Κυβέρνησιν τῆς Γεωργίας, ἀπαιτοῦσα τὴν ἀποχώρησιν τῶν στρατευμάτων. Ἡ Γεωργικὴ Κυβέρνησις διέταξε γενικὴν ἐπιστράτευσιν.

ΟΙ ΜΠΟΛΣΕΒΙΚΟΙ ΕΙΣ ΚΡΙΜΑΙΑΝ
ΠΟΥ ΘΑ ΣΤΡΕΨΟΥΝ ΤΑΣ ΕΠΙΘΕΣΕΙΣ ΤΩΝ

ΡΩΜΗ, 30 Ὀκτωβρίου. Οἱ Μπολσεβίκοι, κατόπιν τῆς ἐπιτυχίας των εἰς τὴν Κριμαίαν, σκοπεύουν νὰ στρέψουν τὰς ἐπιθέσεις των ἐναντίον τῆς Πολωνίας. Αἱ πληροφορίαι ὅμως αὗται δὲν ἐπιβεβαιοῦνται ἐπισήμως.

Οἱ Μπολσεβίκοι, κατόπιν τῆς ἐπιτυχίας των εἰς τὴν Κριμαίαν, σκοπεύουν νὰ στρέψουν τὰς ἐπιθέσεις των ἐναντίον τῆς Πολωνίας. Αἱ πληροφορίαι ὅμως αὗται δὲν ἐπιβεβαιοῦνται ἐπισήμως.

ΤΡΙΤΗ ΕΚΔΟΣΙΣ
Η ΒΟΥΛΓΑΡΙΚΗ ΔΙΑΚΟΙΝΩΣΙΣ
ΠΡΟΣ ΤΗΝ ΚΟΙΝΩΝΙΑΝ ΤΩΝ ΕΘΝΩΝ

ΛΟΝΔΙΝΟΝ, 30 Ὀκτωβρίου. (Ἰδιαιτέρα τηλεγραφικὴ ὑπηρεσία τοῦ «Ἐμπρός»). Ἐγνώσθη ὅτι ἡ Βουλγαρικὴ Κυβέρνησις ἀπηύθυνε πρὸς τὴν Κοινωνίαν τῶν Ἐθνῶν διακοίνωσιν, διὰ τῆς ὁποίας ζητεῖ νὰ γίνῃ δεκτὴ ὡς μέλος αὐτῆς. Ἡ Βουλγαρία δηλοῖ ὅτι ἐξεπλήρωσεν ἅπασας τὰς ὑποχρεώσεις της ἐκ τῆς συνθήκης τοῦ Νεϊγύ.

(Ἰδιαιτέρα τηλεγραφικὴ ὑπηρεσία τοῦ «Ἐμπρός»). Ἐγνώσθη ὅτι ἡ Βουλγαρικὴ Κυβέρνησις ἀπηύθυνε πρὸς τὴν Κοινωνίαν τῶν Ἐθνῶν διακοίνωσιν, διὰ τῆς ὁποίας ζητεῖ νὰ γίνῃ δεκτὴ ὡς μέλος αὐτῆς. Ἡ Βουλγαρία δηλοῖ ὅτι ἐξεπλήρωσεν ἅπασας τὰς ὑποχρεώσεις της ἐκ τῆς συνθήκης τοῦ Νεϊγύ.

ΑΡΜΕΝΙΟΙ ΠΡΟΣΦΥΓΕΣ ΕΙΣ ΠΡΟΥΣΑΝ

ΚΩΝ/ΠΟΛΙΣ, 30 Ὀκτωβρίου. Ἀφίχθησαν εἰς Προῦσαν πολυάριθμοι Ἀρμένιοι πρόσφυγες, καταδιωχθέντες ὑπὸ τῶν Κεμαλικῶν. Αἱ Ἑλληνικαὶ ἀρχαὶ παρέχουν εἰς αὐτοὺς πᾶσαν δυνατὴν περίθαλψιν.

Ἀφίχθησαν εἰς Προῦσαν πολυάριθμοι Ἀρμένιοι πρόσφυγες, καταδιωχθέντες ὑπὸ τῶν Κεμαλικῶν. Αἱ Ἑλληνικαὶ ἀρχαὶ παρέχουν εἰς αὐτοὺς πᾶσαν δυνατὴν περίθαλψιν.

ΝΟΥΣ ΚΑΙ ΣΥΝΕΙΔΗΣΙΣ

Σχεδὸν πάντοτε τὸ θάρρος καὶ ἡ ἐπιμονὴ ἀποτελοῦν τὰ ἰσχυρότερα ὅπλα τοῦ ἀγωνιζομένου λαοῦ. Ὁ Ἑλληνικὸς λαὸς ἔδειξε καὶ πάλιν ὅτι γνωρίζει νὰ διακρίνῃ τὸ συμφέρον του. Ἡ συνείδησις τοῦ ἔθνους εἶναι ὁ ἀσφαλέστερος ὁδηγὸς εἰς τὰς κρισίμους ὥρας.

Σχεδὸν πάντοτε τὸ θάρρος καὶ ἡ ἐπιμονὴ ἀποτελοῦν τὰ ἰσχυρότερα ὅπλα τοῦ ἀγωνιζομένου λαοῦ. Ὁ Ἑλληνικὸς λαὸς ἔδειξε καὶ πάλιν ὅτι γνωρίζει νὰ διακρίνῃ τὸ συμφέρον του. Ἡ συνείδησις τοῦ ἔθνους εἶναι ὁ ἀσφαλέστερος ὁδηγὸς εἰς τὰς κρισίμους ὥρας.

Σχεδὸν πάντοτε τὸ θάρρος καὶ ἡ ἐπιμονὴ ἀποτελοῦν τὰ ἰσχυρότερα ὅπλα τοῦ ἀγωνιζομένου λαοῦ. Ὁ Ἑλληνικὸς λαὸς ἔδειξε καὶ πάλιν ὅτι γνωρίζει νὰ διακρίνῃ τὸ συμφέρον του. Ἡ συνείδησις τοῦ ἔθνους εἶναι ὁ ἀσφαλέστερος ὁδηγὸς εἰς τὰς κρισίμους ὥρας.

Σχεδὸν πάντοτε τὸ θάρρος καὶ ἡ ἐπιμονὴ ἀποτελοῦν τὰ ἰσχυρότερα ὅπλα τοῦ ἀγωνιζομένου λαοῦ. Ὁ Ἑλληνικὸς λαὸς ἔδειξε καὶ πάλιν ὅτι γνωρίζει νὰ διακρίνῃ τὸ συμφέρον του. Ἡ συνείδησις τοῦ ἔθνους εἶναι ὁ ἀσφαλέστερος ὁδηγὸς εἰς τὰς κρισίμους ὥρας.

Σχεδὸν πάντοτε τὸ θάρρος καὶ ἡ ἐπιμονὴ ἀποτελοῦν τὰ ἰσχυρότερα ὅπλα τοῦ ἀγωνιζομένου λαοῦ. Ὁ Ἑλληνικὸς λαὸς ἔδειξε καὶ πάλιν ὅτι γνωρίζει νὰ διακρίνῃ τὸ συμφέρον του. Ἡ συνείδησις τοῦ ἔθνους εἶναι ὁ ἀσφαλέστερος ὁδηγὸς εἰς τὰς κρισίμους ὥρας.

Σχεδὸν πάντοτε τὸ θάρρος καὶ ἡ ἐπιμονὴ ἀποτελοῦν τὰ ἰσχυρότερα ὅπλα τοῦ ἀγωνιζομένου λαοῦ. Ὁ Ἑλληνικὸς λαὸς ἔδειξε καὶ πάλιν ὅτι γνωρίζει νὰ διακρίνῃ τὸ συμφέρον του. Ἡ συνείδησις τοῦ ἔθνους εἶναι ὁ ἀσφαλέστερος ὁδηγὸς εἰς τὰς κρισίμους ὥρας.

Σχεδὸν πάντοτε τὸ θάρρος καὶ ἡ ἐπιμονὴ ἀποτελοῦν τὰ ἰσχυρότερα ὅπλα τοῦ ἀγωνιζομένου λαοῦ. Ὁ Ἑλληνικὸς λαὸς ἔδειξε καὶ πάλιν ὅτι γνωρίζει νὰ διακρίνῃ τὸ συμφέρον του. Ἡ συνείδησις τοῦ ἔθνους εἶναι ὁ ἀσφαλέστερος ὁδηγὸς εἰς τὰς κρισίμους ὥρας.

Σχεδὸν πάντοτε τὸ θάρρος καὶ ἡ ἐπιμονὴ ἀποτελοῦν τὰ ἰσχυρότερα ὅπλα τοῦ ἀγωνιζομένου λαοῦ. Ὁ Ἑλληνικὸς λαὸς ἔδειξε καὶ πάλιν ὅτι γνωρίζει νὰ διακρίνῃ τὸ συμφέρον του. Ἡ συνείδησις τοῦ ἔθνους εἶναι ὁ ἀσφαλέστερος ὁδηγὸς εἰς τὰς κρισίμους ὥρας.

Μετὰ τὸ τέλος τοῦ λόγου ὁ κ. Ρεπούλης παρεκάθησεν εἰς γεῦμα, τὸ ὁποῖον παρετέθη ὑπὸ τῶν φίλων τοῦ κόμματος. Ὁ λαὸς ἐπευφήμει συνεχῶς τὸν Ἀντιπρόεδρον.

Μετὰ τὸ τέλος τοῦ λόγου ὁ κ. Ρεπούλης παρεκάθησεν εἰς γεῦμα, τὸ ὁποῖον παρετέθη ὑπὸ τῶν φίλων τοῦ κόμματος. Ὁ λαὸς ἐπευφήμει συνεχῶς τὸν Ἀντιπρόεδρον.

Μετὰ τὸ τέλος τοῦ λόγου ὁ κ. Ρεπούλης παρεκάθησεν εἰς γεῦμα, τὸ ὁποῖον παρετέθη ὑπὸ τῶν φίλων τοῦ κόμματος. Ὁ λαὸς ἐπευφήμει συνεχῶς τὸν Ἀντιπρόεδρον.

Δ. ΣΦΙΚΑΣ
ΠΑΡΑΤΑΣΙΣ ΔΗΛΩΣΕΩΝ

Τὸ ὑπουργεῖον τῶν Οἰκονομικῶν ἀπεφάσισε νὰ παρατείνῃ τὴν προθεσμίαν τῶν δηλώσεων διὰ τὸν φόρον εἰσοδήματος μέχρι τέλους τοῦ μηνός.
